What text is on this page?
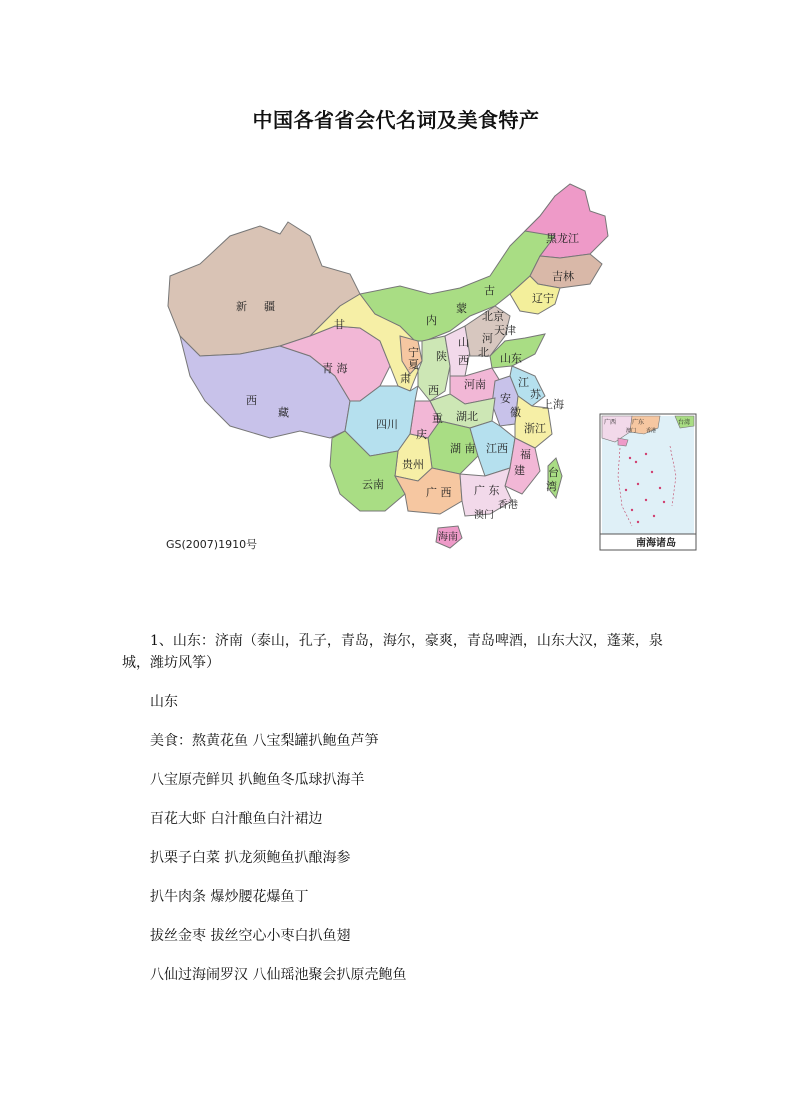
中国各省省会代名词及美食特产
黑龙江
吉林
辽宁
内
蒙
古
新 疆
甘
肃
青 海
西
藏
宁
夏
陕
西
山
西
北京
天津
河
北 山东
河南	江
苏
安
徽
上海
湖北
重
庆
四川	浙江
湖 南 江西 福
建
贵州
云南
广 西 广 东
香港
澳门
台
湾
海南
GS(2007)1910号
广西	广东
澳门 香港
台湾
南海诸岛

1、山东：济南（泰山，孔子，青岛，海尔，豪爽，青岛啤酒，山东大汉，蓬莱，泉城，潍坊风筝）

山东

美食：熬黄花鱼 八宝梨罐扒鲍鱼芦笋

八宝原壳鲜贝 扒鲍鱼冬瓜球扒海羊

百花大虾 白汁酿鱼白汁裙边

扒栗子白菜 扒龙须鲍鱼扒酿海参

扒牛肉条 爆炒腰花爆鱼丁

拔丝金枣 拔丝空心小枣白扒鱼翅

八仙过海闹罗汉 八仙瑶池聚会扒原壳鲍鱼
